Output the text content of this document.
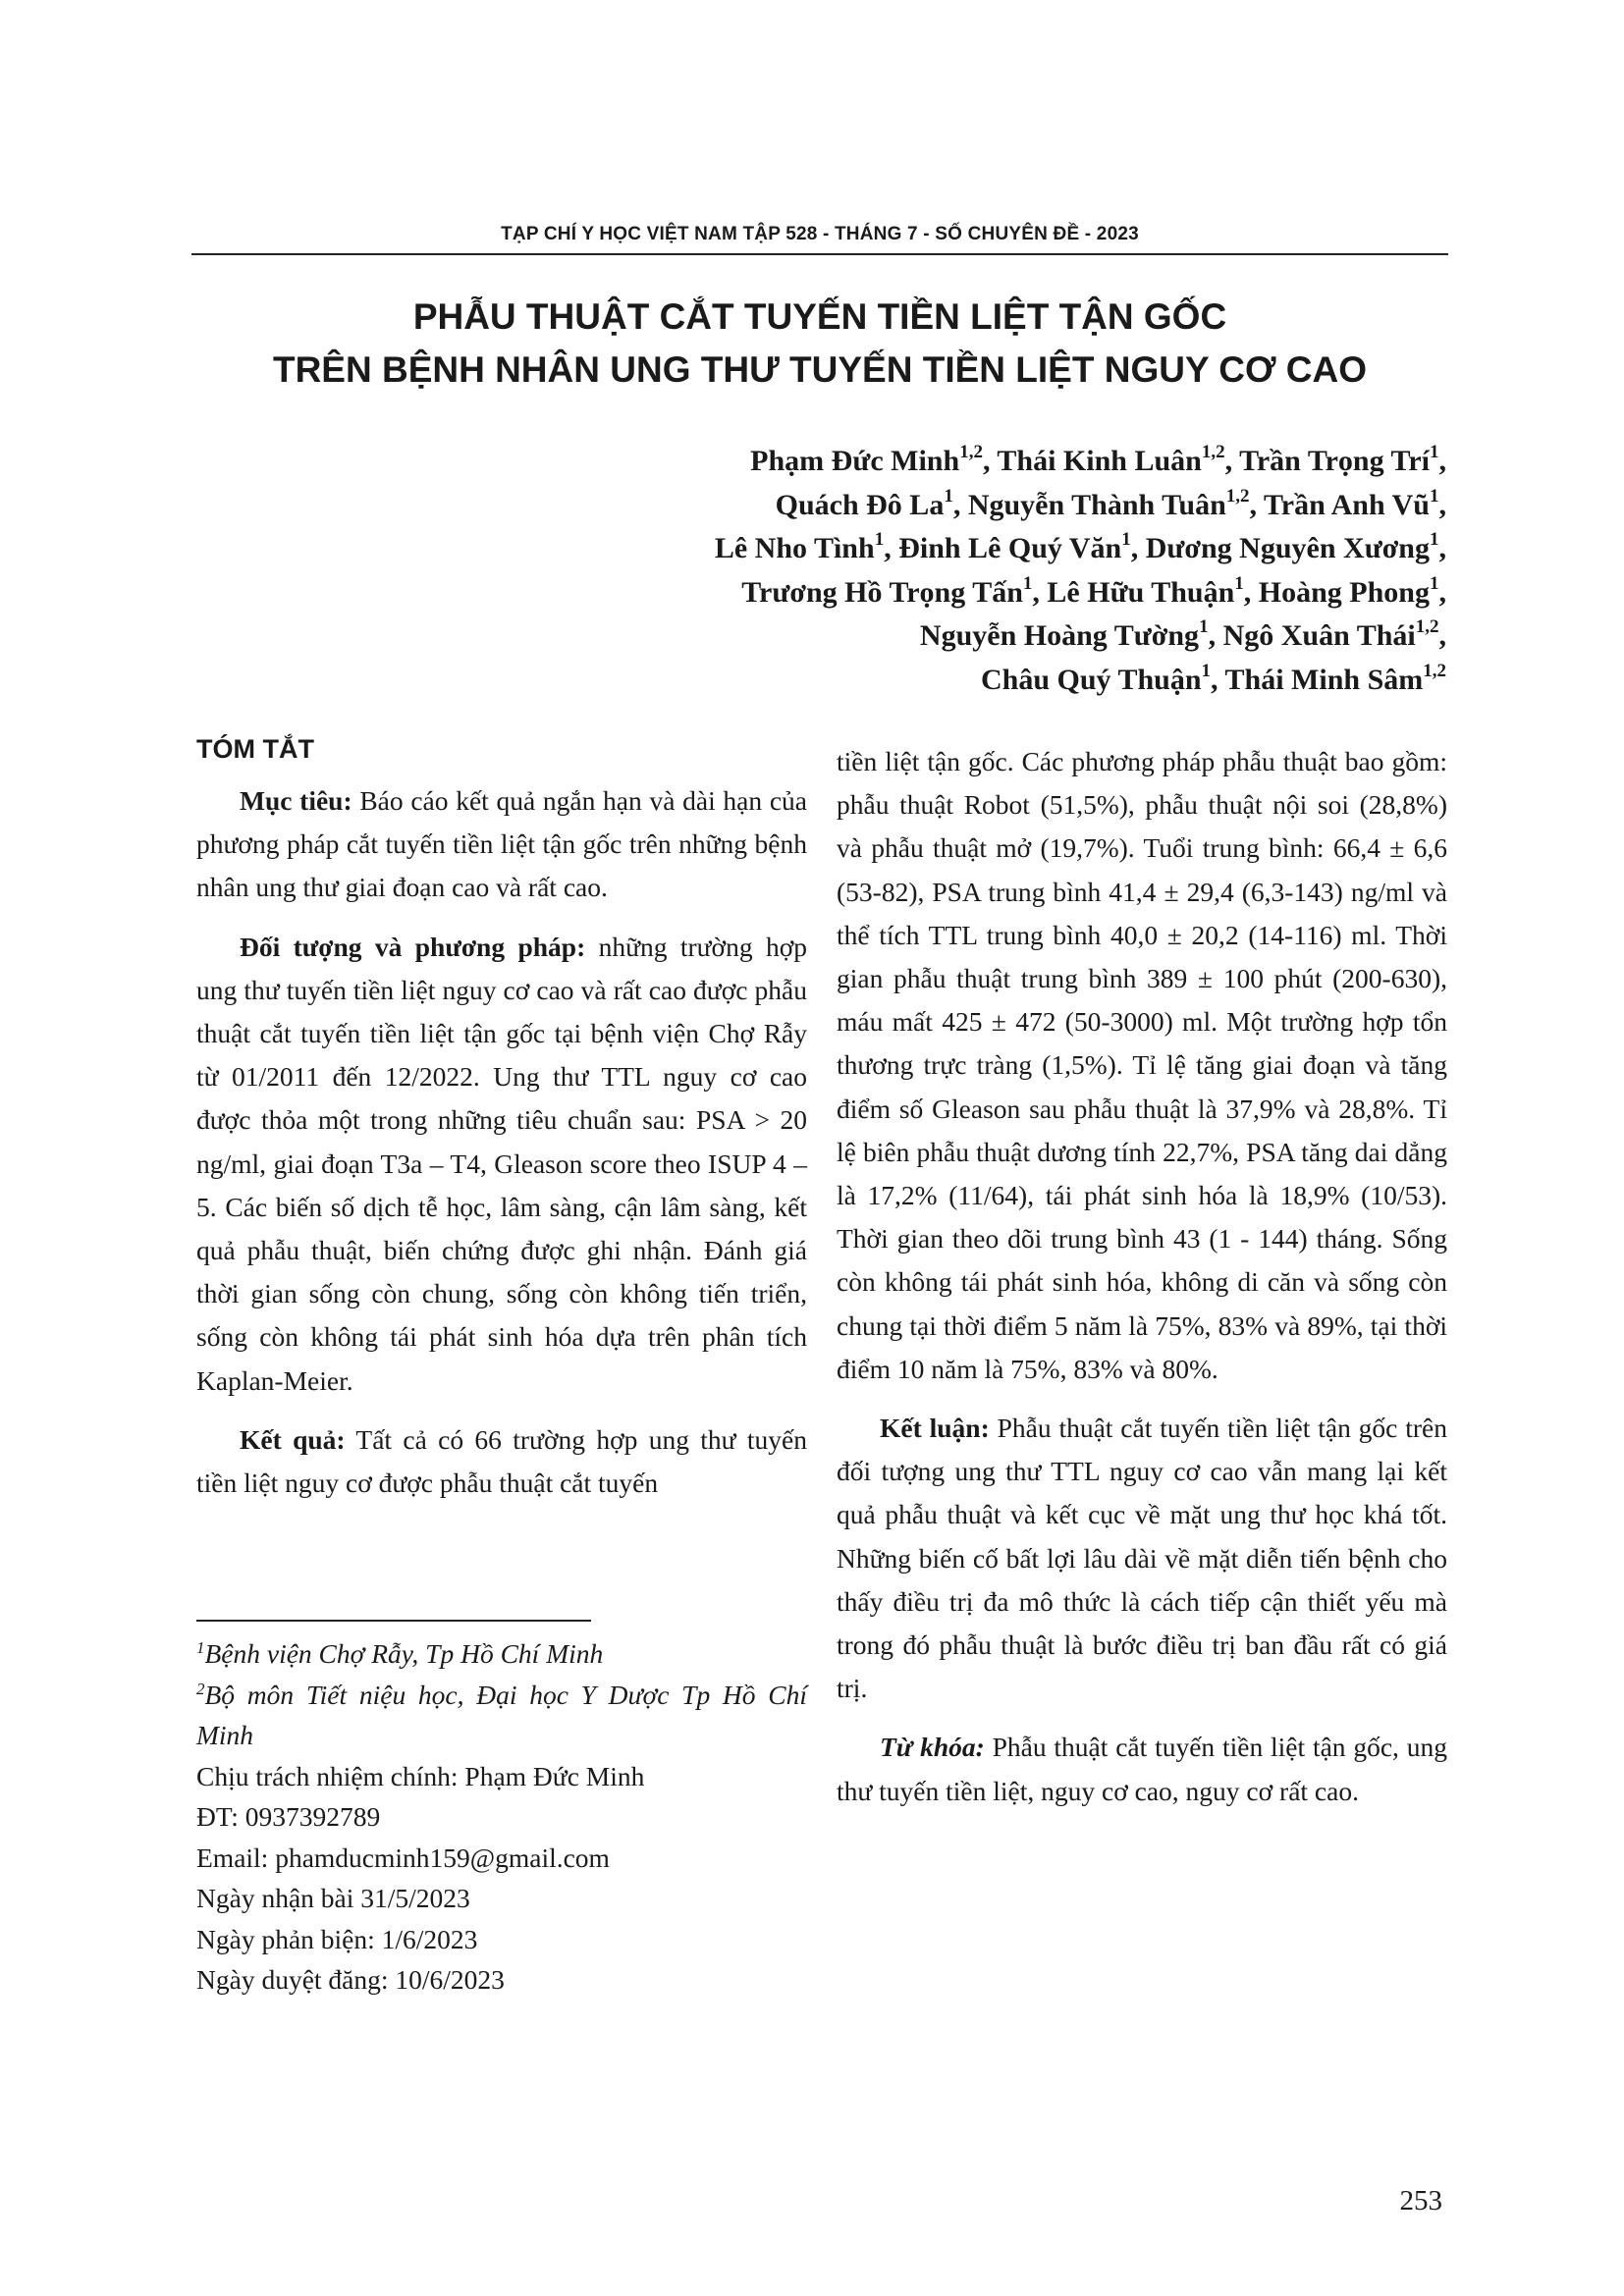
TẠP CHÍ Y HỌC VIỆT NAM TẬP 528 - THÁNG 7 - SỐ CHUYÊN ĐỀ - 2023
PHẪU THUẬT CẮT TUYẾN TIỀN LIỆT TẬN GỐC
TRÊN BỆNH NHÂN UNG THƯ TUYẾN TIỀN LIỆT NGUY CƠ CAO
Phạm Đức Minh$^{1,2}$, Thái Kinh Luân$^{1,2}$, Trần Trọng Trí$^1$,
Quách Đô La$^1$, Nguyễn Thành Tuân$^{1,2}$, Trần Anh $Vũ^1$,
Lê Nho Tình$^1$, Đinh Lê Quý Văn$^1$, Dương Nguyên Xương$^1$,
Trương Hồ Trọng Tấn$^1$, Lê Hữu Thuận$^1$, Hoàng Phong$^1$,
Nguyễn Hoàng Tường$^1$, Ngô Xuân Thái$^{1,2}$,
Châu Quý Thuận$^1$, Thái Minh Sâm$^{1,2}$
TÓM TẮT

Mục tiêu: Báo cáo kết quả ngắn hạn và dài hạn của phương pháp cắt tuyến tiền liệt tận gốc trên những bệnh nhân ung thư giai đoạn cao và rất cao.

Đối tượng và phương pháp: những trường hợp ung thư tuyến tiền liệt nguy cơ cao và rất cao được phẫu thuật cắt tuyến tiền liệt tận gốc tại bệnh viện Chợ Rẫy từ 01/2011 đến 12/2022. Ung thư TTL nguy cơ cao được thỏa một trong những tiêu chuẩn sau: PSA > 20 ng/ml, giai đoạn T3a – T4, Gleason score theo ISUP 4 – 5. Các biến số dịch tễ học, lâm sàng, cận lâm sàng, kết quả phẫu thuật, biến chứng được ghi nhận. Đánh giá thời gian sống còn chung, sống còn không tiến triển, sống còn không tái phát sinh hóa dựa trên phân tích Kaplan-Meier.

Kết quả: Tất cả có 66 trường hợp ung thư tuyến tiền liệt nguy cơ được phẫu thuật cắt tuyến

$^1$Bệnh viện Chợ Rẫy, Tp Hồ Chí Minh
$^2$Bộ môn Tiết niệu học, Đại học Y Dược Tp Hồ Chí Minh
Chịu trách nhiệm chính: Phạm Đức Minh
ĐT: 0937392789
Email: phamducminh159@gmail.com
Ngày nhận bài 31/5/2023
Ngày phản biện: 1/6/2023
Ngày duyệt đăng: 10/6/2023

tiền liệt tận gốc. Các phương pháp phẫu thuật bao gồm: phẫu thuật Robot (51,5%), phẫu thuật nội soi (28,8%) và phẫu thuật mở (19,7%). Tuổi trung bình: 66,4 ± 6,6 (53-82), PSA trung bình 41,4 ± 29,4 (6,3-143) ng/ml và thể tích TTL trung bình 40,0 ± 20,2 (14-116) ml. Thời gian phẫu thuật trung bình 389 ± 100 phút (200-630), máu mất 425 ± 472 (50-3000) ml. Một trường hợp tổn thương trực tràng (1,5%). Tỉ lệ tăng giai đoạn và tăng điểm số Gleason sau phẫu thuật là 37,9% và 28,8%. Tỉ lệ biên phẫu thuật dương tính 22,7%, PSA tăng dai dẳng là 17,2% (11/64), tái phát sinh hóa là 18,9% (10/53). Thời gian theo dõi trung bình 43 (1 - 144) tháng. Sống còn không tái phát sinh hóa, không di căn và sống còn chung tại thời điểm 5 năm là 75%, 83% và 89%, tại thời điểm 10 năm là 75%, 83% và 80%.

Kết luận: Phẫu thuật cắt tuyến tiền liệt tận gốc trên đối tượng ung thư TTL nguy cơ cao vẫn mang lại kết quả phẫu thuật và kết cục về mặt ung thư học khá tốt. Những biến cố bất lợi lâu dài về mặt diễn tiến bệnh cho thấy điều trị đa mô thức là cách tiếp cận thiết yếu mà trong đó phẫu thuật là bước điều trị ban đầu rất có giá trị.

Từ khóa: Phẫu thuật cắt tuyến tiền liệt tận gốc, ung thư tuyến tiền liệt, nguy cơ cao, nguy cơ rất cao.

253
